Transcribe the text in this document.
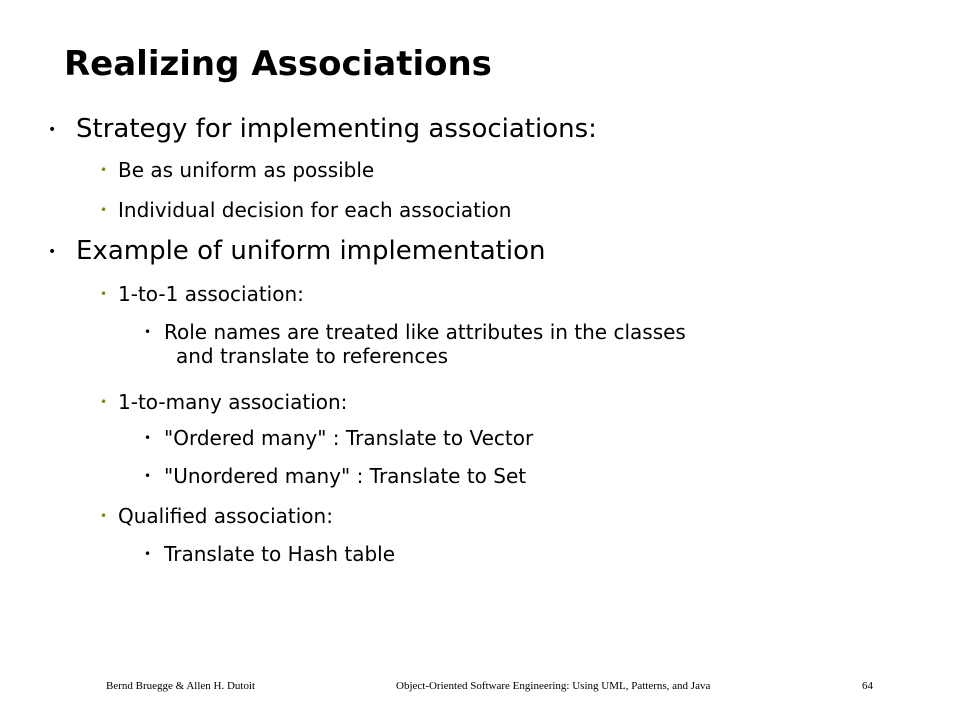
Realizing Associations
• Strategy for implementing associations:
• Be as uniform as possible
• Individual decision for each association
• Example of uniform implementation
• 1-to-1 association:
• Role names are treated like attributes in the classes
and translate to references
• 1-to-many association:
• "Ordered many" : Translate to Vector
• "Unordered many" : Translate to Set
• Qualified association:
• Translate to Hash table
Bernd Bruegge & Allen H. Dutoit	Object-Oriented Software Engineering: Using UML, Patterns, and Java	64
